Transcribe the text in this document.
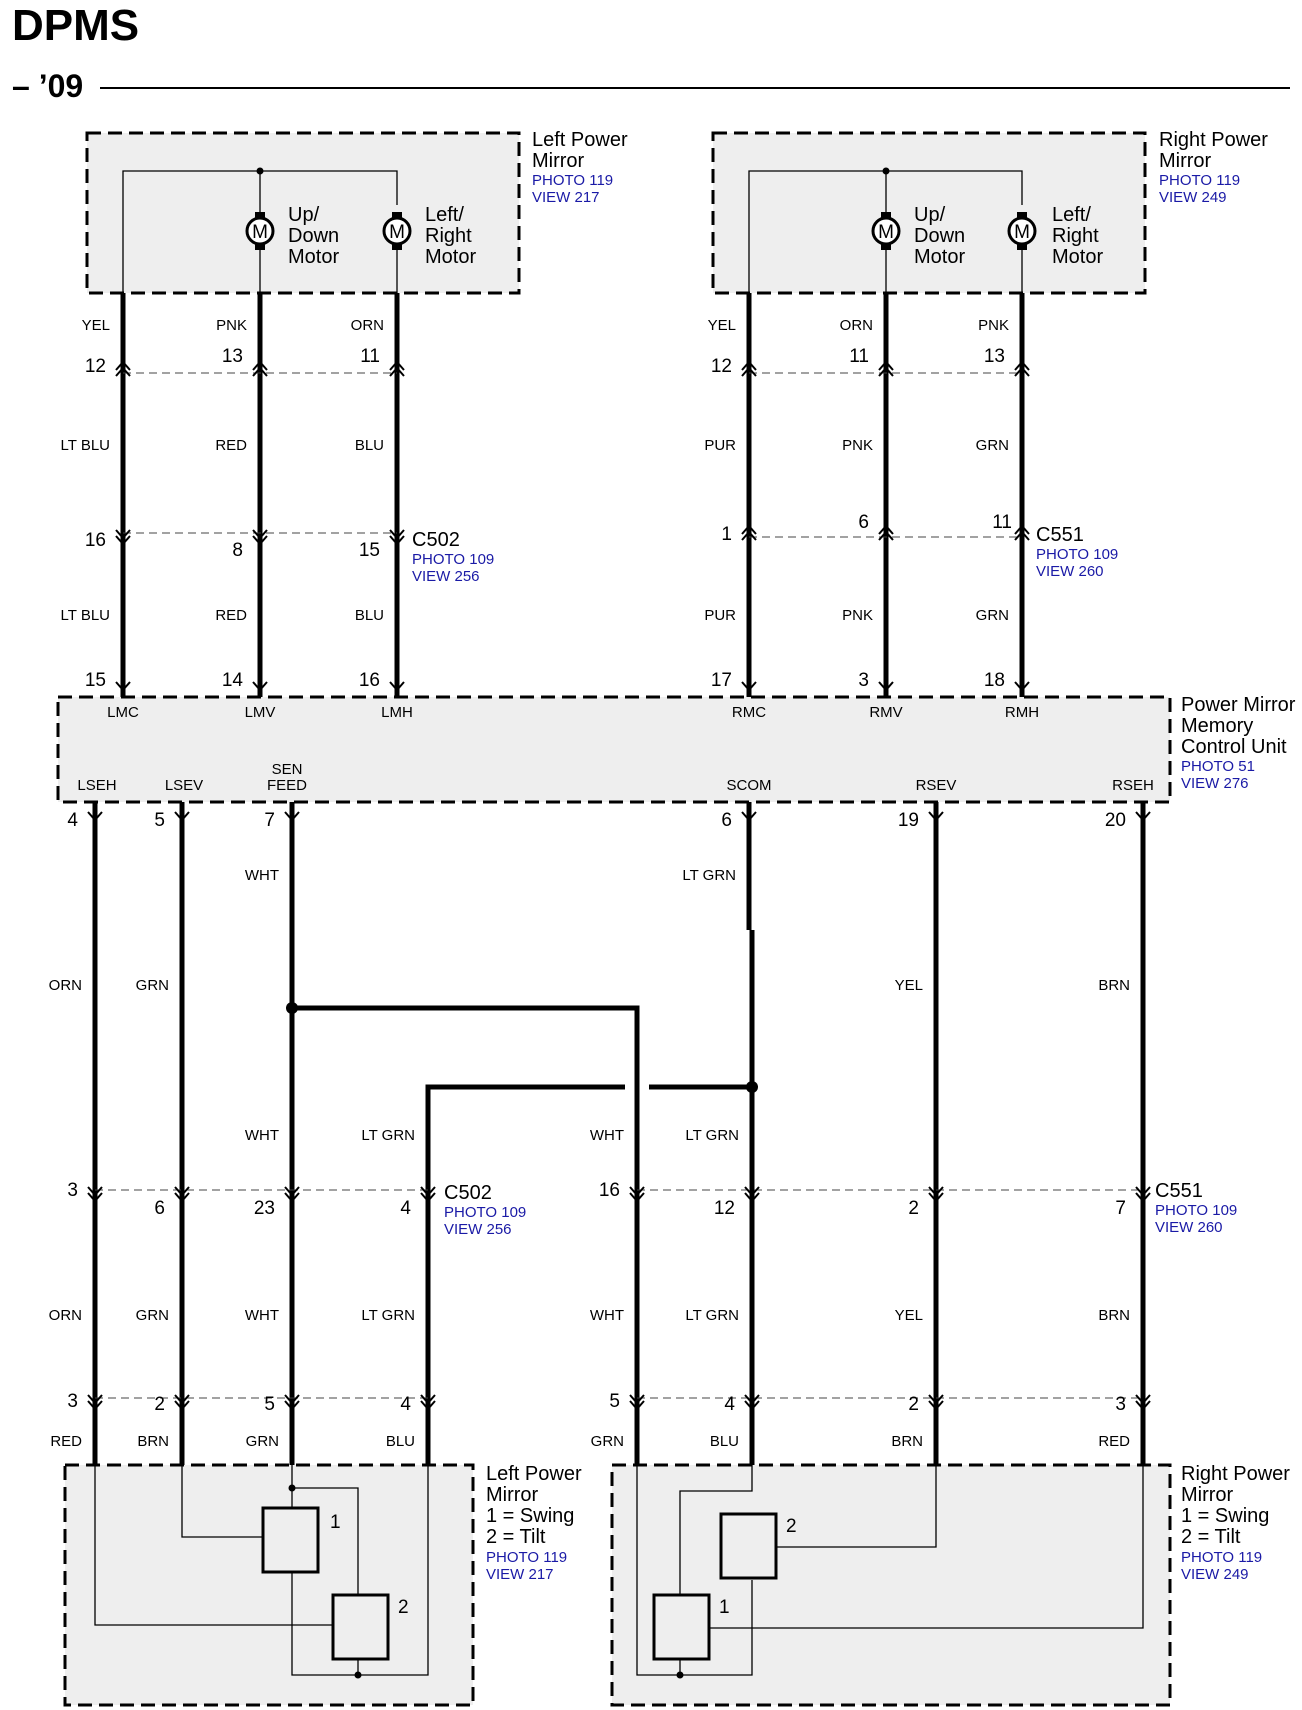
DPMS
– ’09
Left Power
Mirror
PHOTO 119
VIEW 217
Right Power
Mirror
PHOTO 119
VIEW 249
Power Mirror
Memory
Control Unit
PHOTO 51
VIEW 276
Left Power
Mirror
1 = Swing
2 = Tilt
PHOTO 119
VIEW 217
Right Power
Mirror
1 = Swing
2 = Tilt
PHOTO 119
VIEW 249
M	M
Up/
Down
Motor
Left/
Right
Motor
M	M
Up/
Down
Motor
Left/
Right
Motor
YEL	PNK	ORN
LT BLU	RED	BLU
LT BLU	RED	BLU
YEL	ORN	PNK
PUR	PNK	GRN
PUR	PNK	GRN
12	13	11
16	8	15
15	14	16
12	11	13
1
6	11
17	3	18
C502
PHOTO 109
VIEW 256
C551
PHOTO 109
VIEW 260
LMC	LMV	LMH	RMC	RMV	RMH
LSEH	LSEV
SEN
FEED	SCOM	RSEV	RSEH
4	5	7	6	19	20
3
6	23	4
16
12	2	7
3	2	5	4	5	4	2	3
WHT	LT GRN
ORN	GRN	YEL	BRN
WHT	LT GRN	WHT	LT GRN
ORN	GRN	WHT	LT GRN	WHT	LT GRN	YEL	BRN
RED	BRN	GRN	BLU	GRN	BLU	BRN	RED
C502
PHOTO 109
VIEW 256
C551
PHOTO 109
VIEW 260
1
2
2
1
